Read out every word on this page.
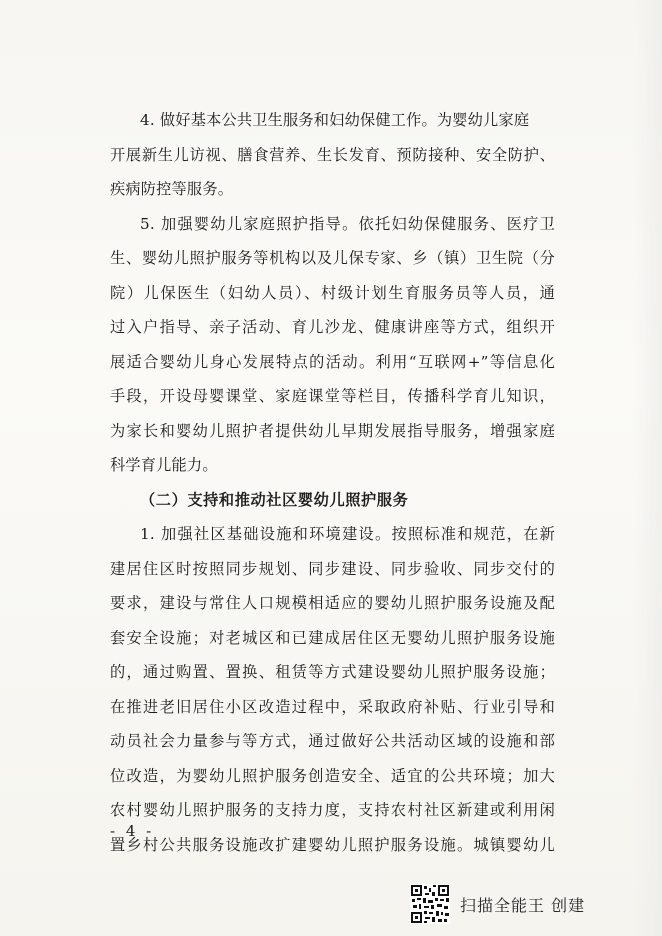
4. 做好基本公共卫生服务和妇幼保健工作。为婴幼儿家庭
开展新生儿访视、膳食营养、生长发育、预防接种、安全防护、
疾病防控等服务。
5. 加强婴幼儿家庭照护指导。依托妇幼保健服务、医疗卫
生、婴幼儿照护服务等机构以及儿保专家、乡（镇）卫生院（分
院）儿保医生（妇幼人员）、村级计划生育服务员等人员，通
过入户指导、亲子活动、育儿沙龙、健康讲座等方式，组织开
展适合婴幼儿身心发展特点的活动。利用“互联网+”等信息化
手段，开设母婴课堂、家庭课堂等栏目，传播科学育儿知识，
为家长和婴幼儿照护者提供幼儿早期发展指导服务，增强家庭
科学育儿能力。
（二）支持和推动社区婴幼儿照护服务
1. 加强社区基础设施和环境建设。按照标准和规范，在新
建居住区时按照同步规划、同步建设、同步验收、同步交付的
要求，建设与常住人口规模相适应的婴幼儿照护服务设施及配
套安全设施；对老城区和已建成居住区无婴幼儿照护服务设施
的，通过购置、置换、租赁等方式建设婴幼儿照护服务设施；
在推进老旧居住小区改造过程中，采取政府补贴、行业引导和
动员社会力量参与等方式，通过做好公共活动区域的设施和部
位改造，为婴幼儿照护服务创造安全、适宜的公共环境；加大
农村婴幼儿照护服务的支持力度，支持农村社区新建或利用闲
置乡村公共服务设施改扩建婴幼儿照护服务设施。城镇婴幼儿
- 4 -
扫描全能王 创建
